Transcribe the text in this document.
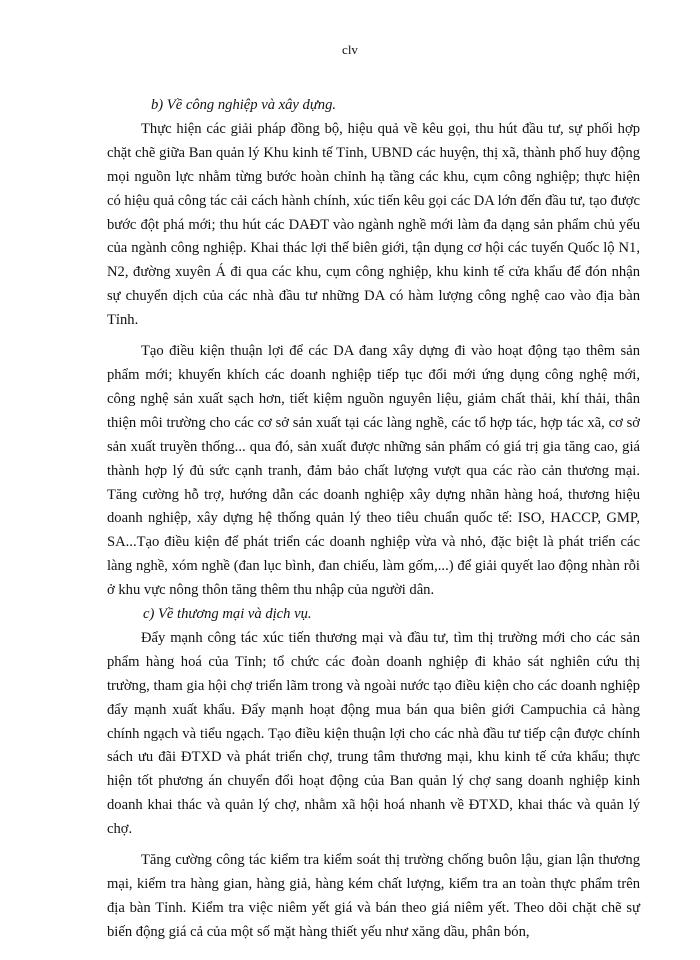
clv

b) Về công nghiệp và xây dựng.

Thực hiện các giải pháp đồng bộ, hiệu quả về kêu gọi, thu hút đầu tư, sự phối hợp chặt chẽ giữa Ban quản lý Khu kinh tế Tỉnh, UBND các huyện, thị xã, thành phố huy động mọi nguồn lực nhằm từng bước hoàn chỉnh hạ tầng các khu, cụm công nghiệp; thực hiện có hiệu quả công tác cải cách hành chính, xúc tiến kêu gọi các DA lớn đến đầu tư, tạo được bước đột phá mới; thu hút các DAĐT vào ngành nghề mới làm đa dạng sản phẩm chủ yếu của ngành công nghiệp. Khai thác lợi thế biên giới, tận dụng cơ hội các tuyến Quốc lộ N1, N2, đường xuyên Á đi qua các khu, cụm công nghiệp, khu kinh tế cửa khẩu để đón nhận sự chuyển dịch của các nhà đầu tư những DA có hàm lượng công nghệ cao vào địa bàn Tỉnh.

Tạo điều kiện thuận lợi để các DA đang xây dựng đi vào hoạt động tạo thêm sản phẩm mới; khuyến khích các doanh nghiệp tiếp tục đổi mới ứng dụng công nghệ mới, công nghệ sản xuất sạch hơn, tiết kiệm nguồn nguyên liệu, giảm chất thải, khí thải, thân thiện môi trường cho các cơ sở sản xuất tại các làng nghề, các tổ hợp tác, hợp tác xã, cơ sở sản xuất truyền thống... qua đó, sản xuất được những sản phẩm có giá trị gia tăng cao, giá thành hợp lý đủ sức cạnh tranh, đảm bảo chất lượng vượt qua các rào cản thương mại. Tăng cường hỗ trợ, hướng dẫn các doanh nghiệp xây dựng nhãn hàng hoá, thương hiệu doanh nghiệp, xây dựng hệ thống quản lý theo tiêu chuẩn quốc tế: ISO, HACCP, GMP, SA...Tạo điều kiện để phát triển các doanh nghiệp vừa và nhỏ, đặc biệt là phát triển các làng nghề, xóm nghề (đan lục bình, đan chiếu, làm gốm,...) để giải quyết lao động nhàn rỗi ở khu vực nông thôn tăng thêm thu nhập của người dân.

c) Về thương mại và dịch vụ.

Đẩy mạnh công tác xúc tiến thương mại và đầu tư, tìm thị trường mới cho các sản phẩm hàng hoá của Tỉnh; tổ chức các đoàn doanh nghiệp đi khảo sát nghiên cứu thị trường, tham gia hội chợ triển lãm trong và ngoài nước tạo điều kiện cho các doanh nghiệp đẩy mạnh xuất khẩu. Đẩy mạnh hoạt động mua bán qua biên giới Campuchia cả hàng chính ngạch và tiểu ngạch. Tạo điều kiện thuận lợi cho các nhà đầu tư tiếp cận được chính sách ưu đãi ĐTXD và phát triển chợ, trung tâm thương mại, khu kinh tế cửa khẩu; thực hiện tốt phương án chuyển đổi hoạt động của Ban quản lý chợ sang doanh nghiệp kinh doanh khai thác và quản lý chợ, nhằm xã hội hoá nhanh về ĐTXD, khai thác và quản lý chợ.

Tăng cường công tác kiểm tra kiểm soát thị trường chống buôn lậu, gian lận thương mại, kiểm tra hàng gian, hàng giả, hàng kém chất lượng, kiểm tra an toàn thực phẩm trên địa bàn Tỉnh. Kiểm tra việc niêm yết giá và bán theo giá niêm yết. Theo dõi chặt chẽ sự biến động giá cả của một số mặt hàng thiết yếu như xăng dầu, phân bón,
